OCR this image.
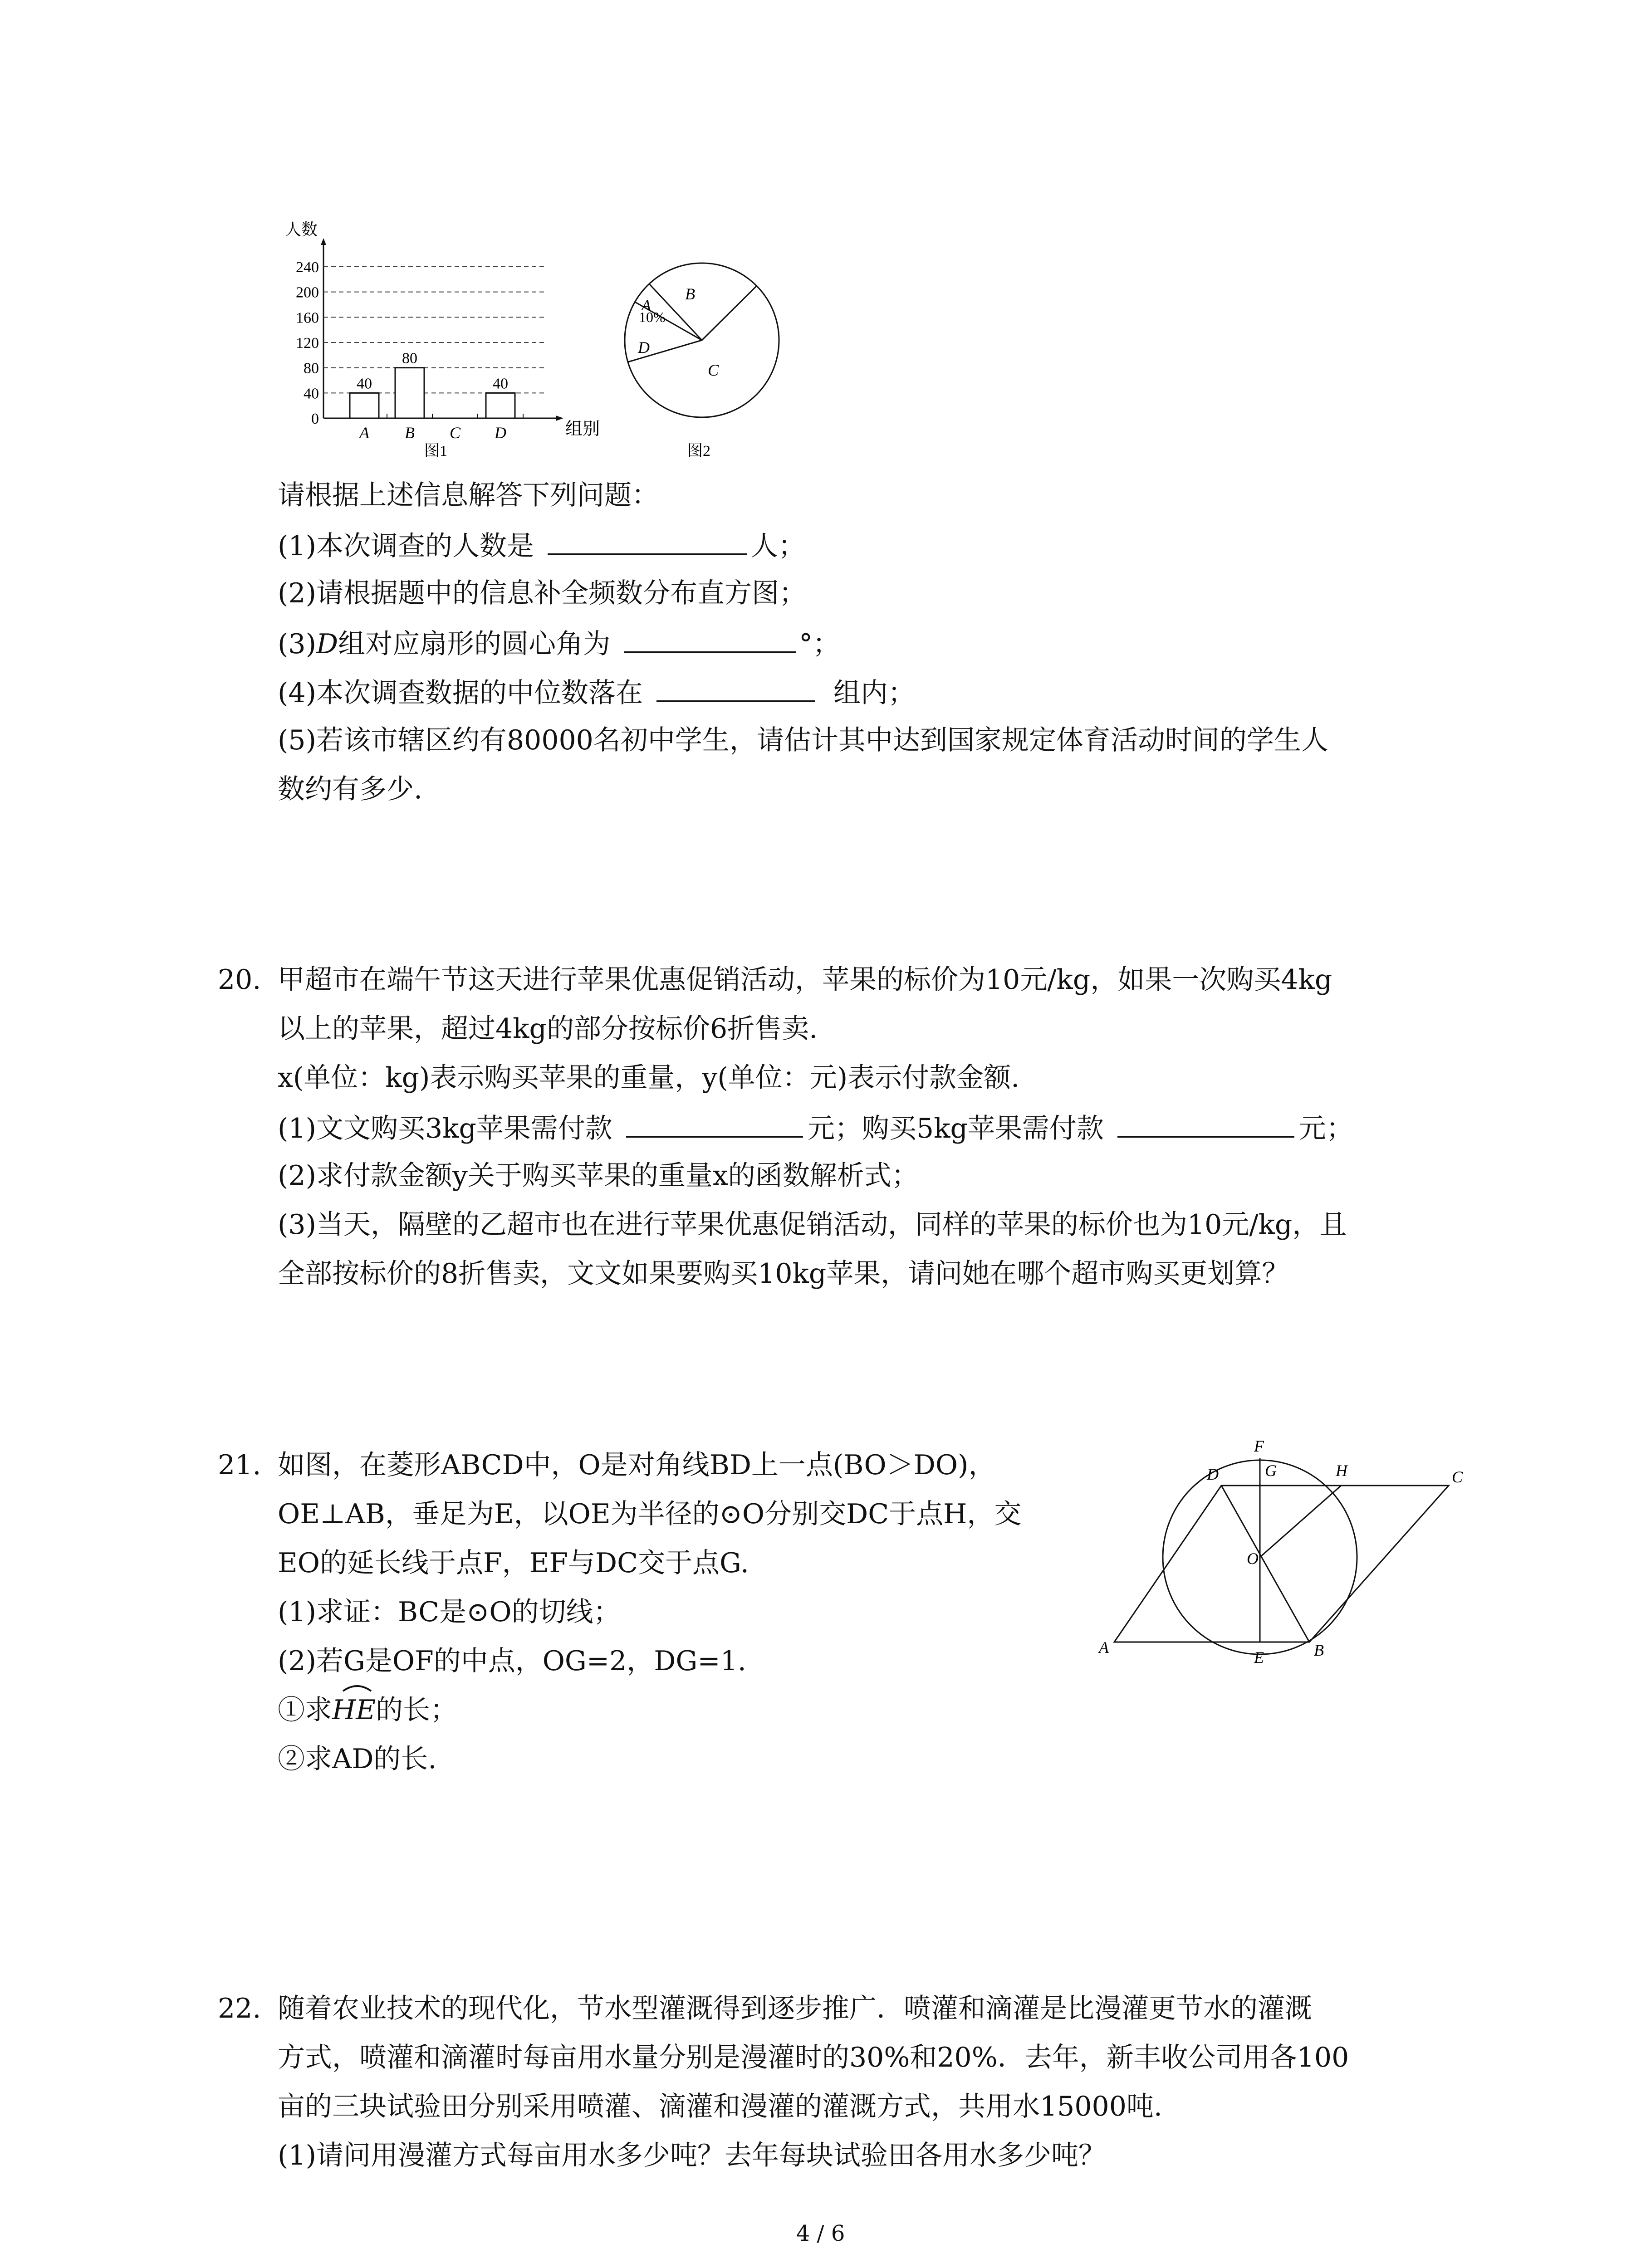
人数
240
200
160
120
80
40
0
40
80
40
A B C D	组别
图1
A
10%
B
C
D
图2
请根据上述信息解答下列问题：
(1)本次调查的人数是	人；
(2)请根据题中的信息补全频数分布直方图；
(3)D组对应扇形的圆心角为	°；
(4)本次调查数据的中位数落在	组内；
(5)若该市辖区约有80000名初中学生，请估计其中达到国家规定体育活动时间的学生人
数约有多少.
20. 甲超市在端午节这天进行苹果优惠促销活动，苹果的标价为10元/kg，如果一次购买4kg
以上的苹果，超过4kg的部分按标价6折售卖.
x(单位：kg)表示购买苹果的重量，y(单位：元)表示付款金额.
(1)文文购买3kg苹果需付款	元；购买5kg苹果需付款	元；
(2)求付款金额y关于购买苹果的重量x的函数解析式；
(3)当天，隔壁的乙超市也在进行苹果优惠促销活动，同样的苹果的标价也为10元/kg，且
全部按标价的8折售卖，文文如果要购买10kg苹果，请问她在哪个超市购买更划算？
21. 如图，在菱形ABCD中，O是对角线BD上一点(BO＞DO)，
OE⊥AB，垂足为E，以OE为半径的⊙O分别交DC于点H，交
EO的延长线于点F，EF与DC交于点G.
(1)求证：BC是⊙O的切线；
(2)若G是OF的中点，OG=2，DG=1.
①求
HE的长；
②求AD的长.
F
D	G	H	C
O
A
E	B
22. 随着农业技术的现代化，节水型灌溉得到逐步推广．喷灌和滴灌是比漫灌更节水的灌溉
方式，喷灌和滴灌时每亩用水量分别是漫灌时的30%和20%．去年，新丰收公司用各100
亩的三块试验田分别采用喷灌、滴灌和漫灌的灌溉方式，共用水15000吨.
(1)请问用漫灌方式每亩用水多少吨？去年每块试验田各用水多少吨？
4 / 6
